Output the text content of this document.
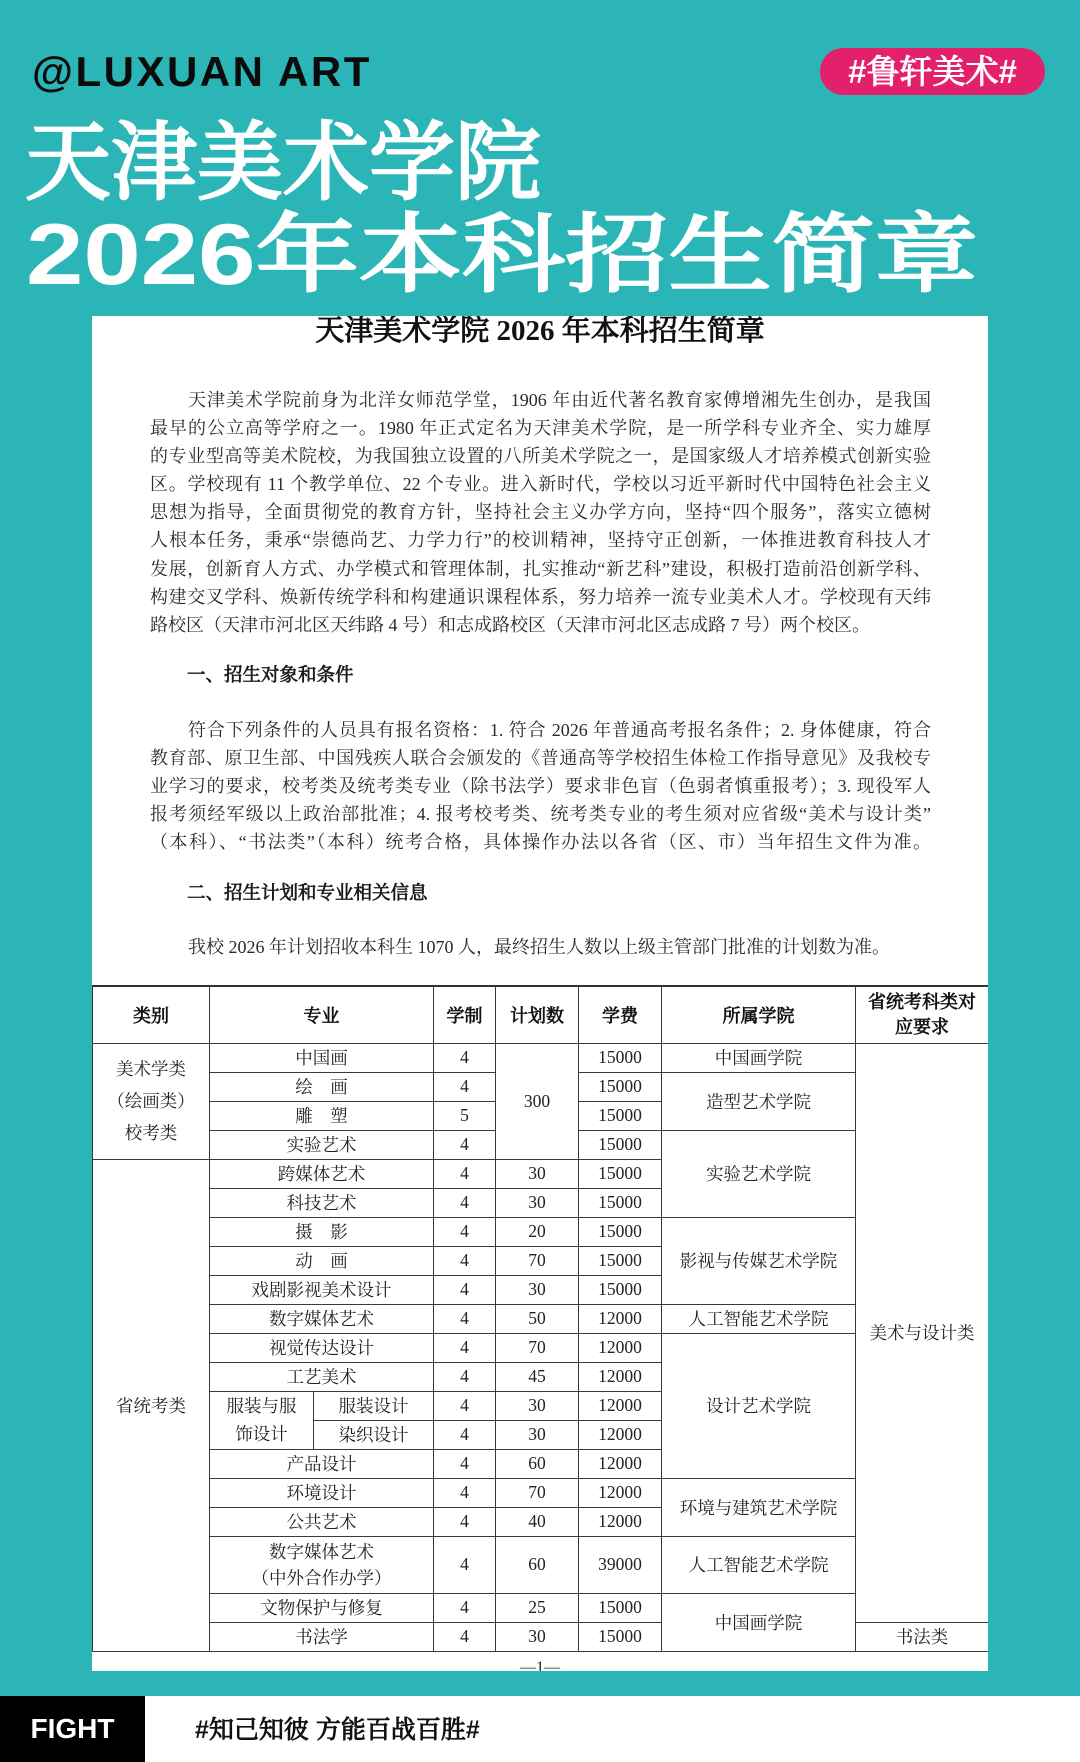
@LUXUAN ART	#鲁轩美术#
天津美术学院
2026年本科招生简章
天津美术学院 2026 年本科招生简章
天津美术学院前身为北洋女师范学堂，1906 年由近代著名教育家傅增湘先生创办，是我国
最早的公立高等学府之一。1980 年正式定名为天津美术学院，是一所学科专业齐全、实力雄厚
的专业型高等美术院校，为我国独立设置的八所美术学院之一，是国家级人才培养模式创新实验
区。学校现有 11 个教学单位、22 个专业。进入新时代，学校以习近平新时代中国特色社会主义
思想为指导，全面贯彻党的教育方针，坚持社会主义办学方向，坚持“四个服务”，落实立德树
人根本任务，秉承“崇德尚艺、力学力行”的校训精神，坚持守正创新，一体推进教育科技人才
发展，创新育人方式、办学模式和管理体制，扎实推动“新艺科”建设，积极打造前沿创新学科、
构建交叉学科、焕新传统学科和构建通识课程体系，努力培养一流专业美术人才。学校现有天纬
路校区（天津市河北区天纬路 4 号）和志成路校区（天津市河北区志成路 7 号）两个校区。
一、招生对象和条件
符合下列条件的人员具有报名资格：1. 符合 2026 年普通高考报名条件；2. 身体健康，符合
教育部、原卫生部、中国残疾人联合会颁发的《普通高等学校招生体检工作指导意见》及我校专
业学习的要求，校考类及统考类专业（除书法学）要求非色盲（色弱者慎重报考）；3. 现役军人
报考须经军级以上政治部批准；4. 报考校考类、统考类专业的考生须对应省级“美术与设计类”
（本科）、“书法类”（本科）统考合格，具体操作办法以各省（区、市）当年招生文件为准。
二、招生计划和专业相关信息
我校 2026 年计划招收本科生 1070 人，最终招生人数以上级主管部门批准的计划数为准。
类别	专业		学制	计划数	学费	所属学院	省统考科类对
应要求

美术学类
（绘画类）
校考类	中国画		4	300	15000	中国画学院	美术与设计类
	绘　画		4		15000	造型艺术学院	
	雕　塑		5		15000		
	实验艺术		4		15000	实验艺术学院	

省统考类	跨媒体艺术		4	30	15000		
	科技艺术		4	30	15000		
	摄　影		4	20	15000	影视与传媒艺术学院	
	动　画		4	70	15000		
	戏剧影视美术设计		4	30	15000		
	数字媒体艺术		4	50	12000	人工智能艺术学院	
	视觉传达设计		4	70	12000	设计艺术学院	
	工艺美术		4	45	12000		

	服装与服
饰设计	服装设计	4	30	12000		
		染织设计	4	30	12000		
	产品设计		4	60	12000		
	环境设计		4	70	12000	环境与建筑艺术学院	
	公共艺术		4	40	12000		

	数字媒体艺术
（中外合作办学）		4	60	39000	人工智能艺术学院	
	文物保护与修复		4	25	15000	中国画学院	
	书法学		4	30	15000		书法类
—1—
FIGHT	#知己知彼 方能百战百胜#
